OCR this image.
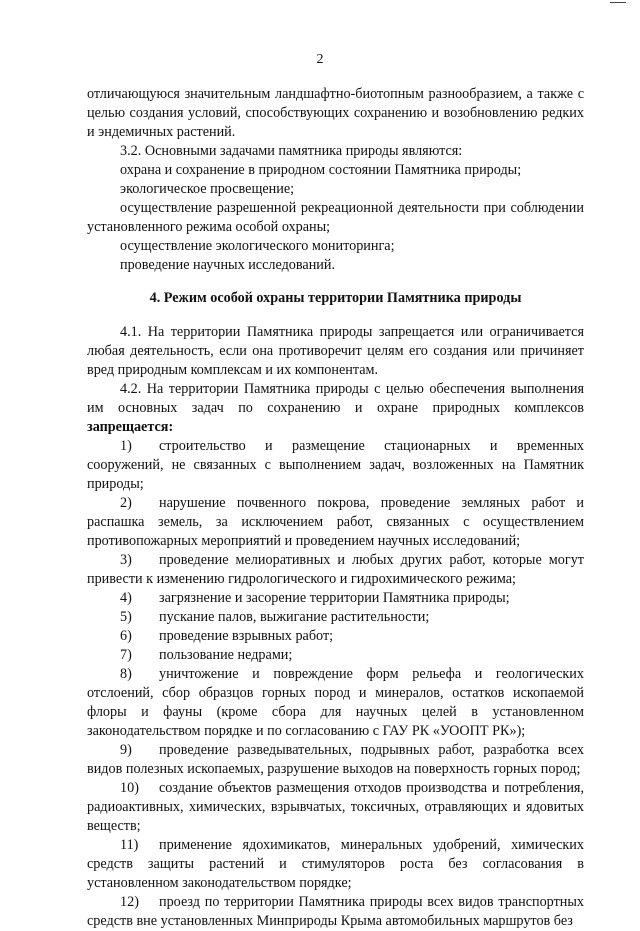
2

отличающуюся значительным ландшафтно-биотопным разнообразием, а также с целью создания условий, способствующих сохранению и возобновлению редких и эндемичных растений.

3.2. Основными задачами памятника природы являются:

охрана и сохранение в природном состоянии Памятника природы;

экологическое просвещение;

осуществление разрешенной рекреационной деятельности при соблюдении установленного режима особой охраны;

осуществление экологического мониторинга;

проведение научных исследований.

4. Режим особой охраны территории Памятника природы

4.1. На территории Памятника природы запрещается или ограничивается любая деятельность, если она противоречит целям его создания или причиняет вред природным комплексам и их компонентам.

4.2. На территории Памятника природы с целью обеспечения выполнения им основных задач по сохранению и охране природных комплексов запрещается:

1) строительство и размещение стационарных и временных сооружений, не связанных с выполнением задач, возложенных на Памятник природы;

2) нарушение почвенного покрова, проведение земляных работ и распашка земель, за исключением работ, связанных с осуществлением противопожарных мероприятий и проведением научных исследований;

3) проведение мелиоративных и любых других работ, которые могут привести к изменению гидрологического и гидрохимического режима;

4) загрязнение и засорение территории Памятника природы;

5) пускание палов, выжигание растительности;

6) проведение взрывных работ;

7) пользование недрами;

8) уничтожение и повреждение форм рельефа и геологических отслоений, сбор образцов горных пород и минералов, остатков ископаемой флоры и фауны (кроме сбора для научных целей в установленном законодательством порядке и по согласованию с ГАУ РК «УООПТ РК»);

9) проведение разведывательных, подрывных работ, разработка всех видов полезных ископаемых, разрушение выходов на поверхность горных пород;

10) создание объектов размещения отходов производства и потребления, радиоактивных, химических, взрывчатых, токсичных, отравляющих и ядовитых веществ;

11) применение ядохимикатов, минеральных удобрений, химических средств защиты растений и стимуляторов роста без согласования в установленном законодательством порядке;

12) проезд по территории Памятника природы всех видов транспортных средств вне установленных Минприроды Крыма автомобильных маршрутов без
